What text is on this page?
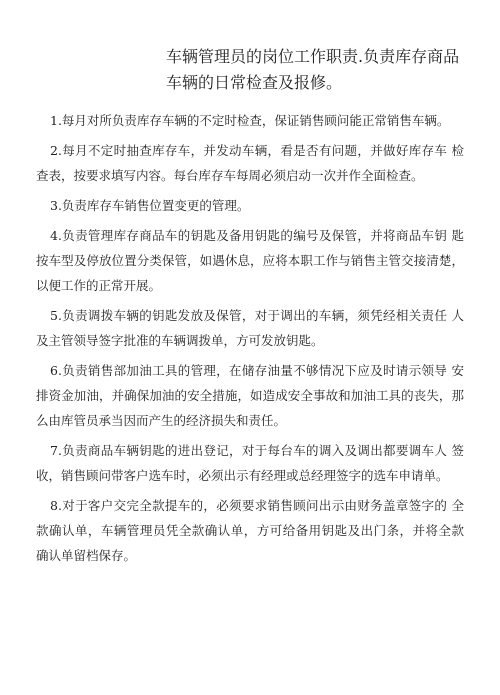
车辆管理员的岗位工作职责.负责库存商品
车辆的日常检查及报修。

1.每月对所负责库存车辆的不定时检查，保证销售顾问能正常销售车辆。

2.每月不定时抽查库存车，并发动车辆，看是否有问题，并做好库存车 检查表，按要求填写内容。每台库存车每周必须启动一次并作全面检查。

3.负责库存车销售位置变更的管理。

4.负责管理库存商品车的钥匙及备用钥匙的编号及保管，并将商品车钥 匙按车型及停放位置分类保管，如遇休息，应将本职工作与销售主管交接清楚，以便工作的正常开展。

5.负责调拨车辆的钥匙发放及保管，对于调出的车辆，须凭经相关责任 人及主管领导签字批准的车辆调拨单，方可发放钥匙。

6.负责销售部加油工具的管理，在储存油量不够情况下应及时请示领导 安排资金加油，并确保加油的安全措施，如造成安全事故和加油工具的丧失，那么由库管员承当因而产生的经济损失和责任。

7.负责商品车辆钥匙的进出登记，对于每台车的调入及调出都要调车人 签收，销售顾问带客户选车时，必须出示有经理或总经理签字的选车申请单。

8.对于客户交完全款提车的，必须要求销售顾问出示由财务盖章签字的 全款确认单，车辆管理员凭全款确认单，方可给备用钥匙及出门条，并将全款 确认单留档保存。
